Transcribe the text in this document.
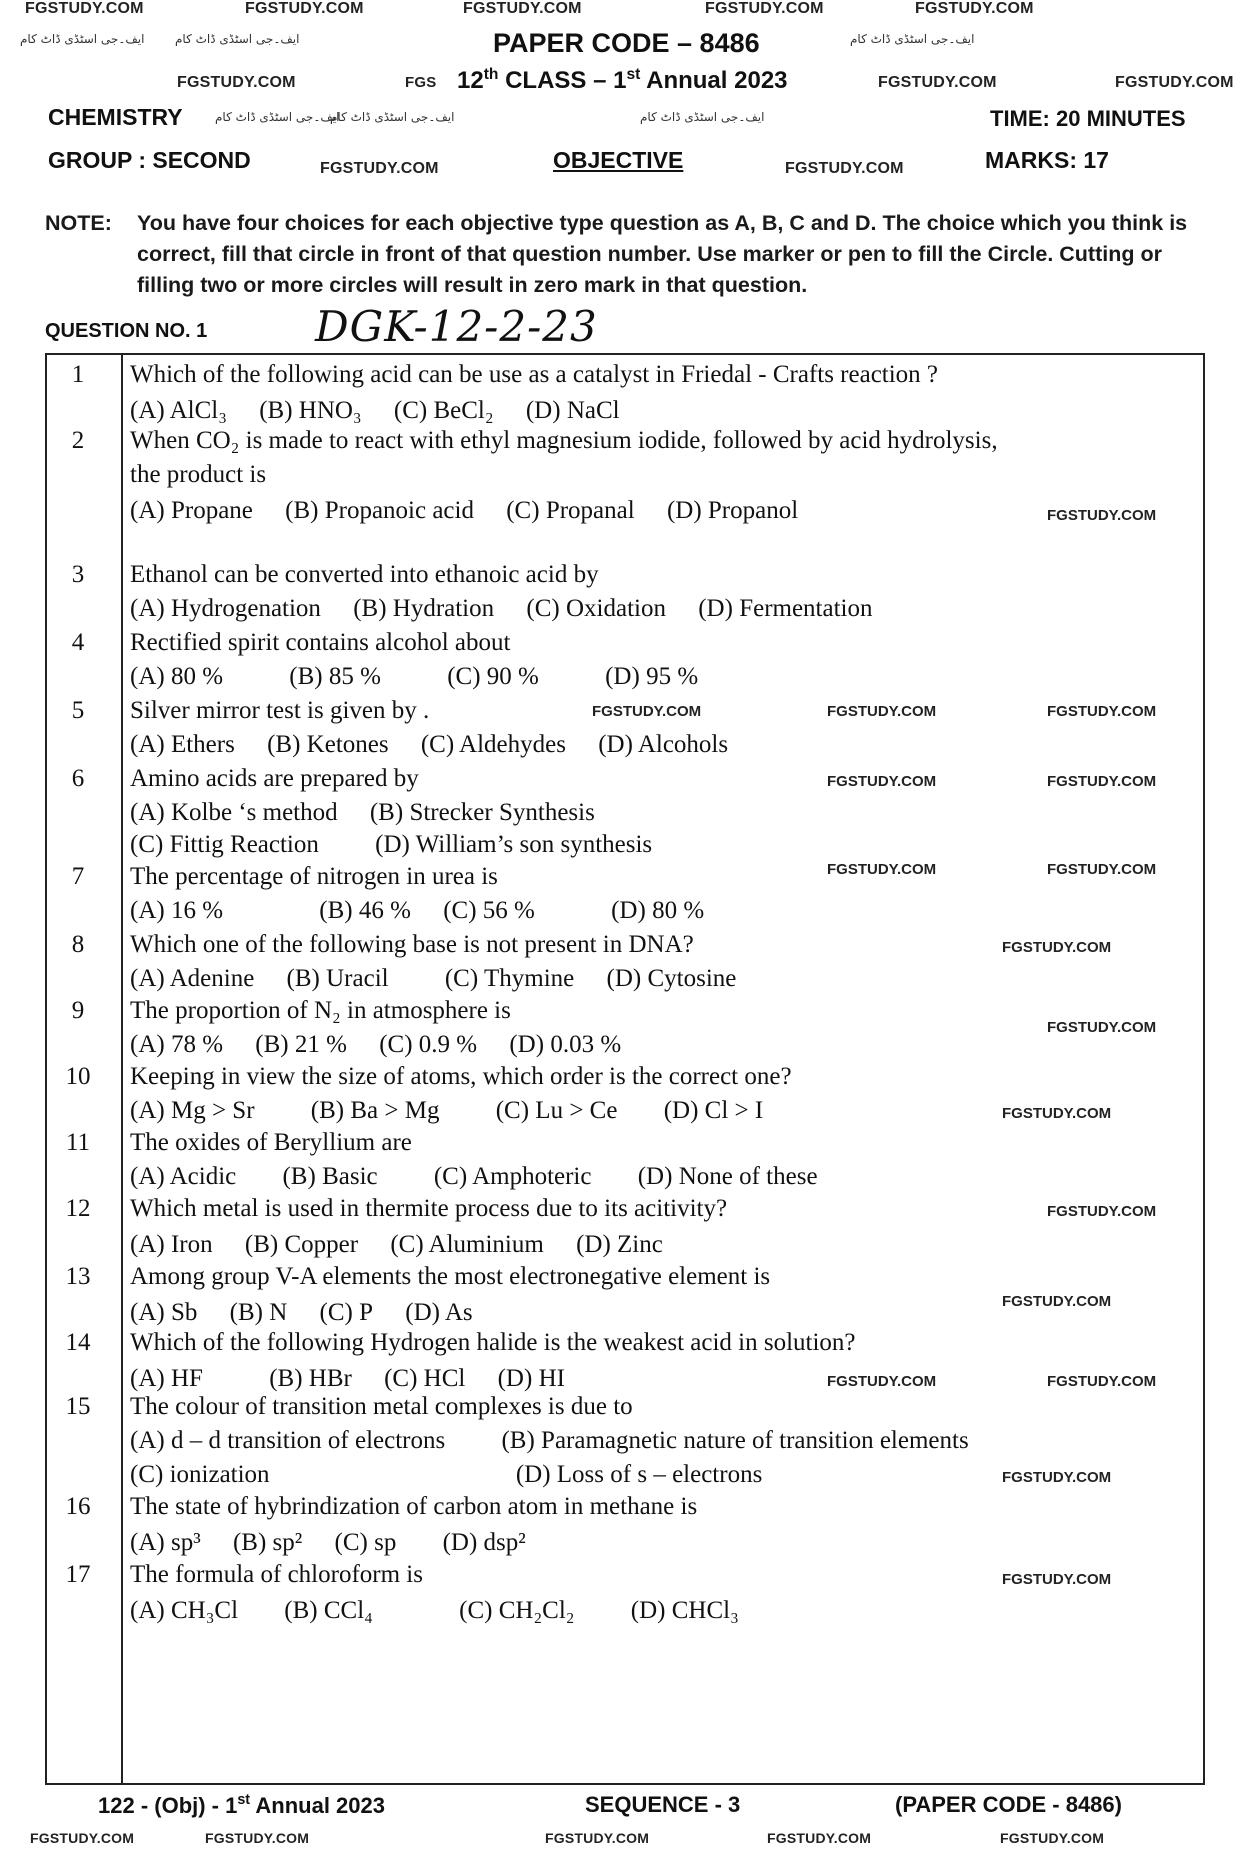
FGSTUDY.COM	FGSTUDY.COM	FGSTUDY.COM	FGSTUDY.COM	FGSTUDY.COM
ایف۔جی اسٹڈی ڈاٹ کام	ایف۔جی اسٹڈی ڈاٹ کام	ایف۔جی اسٹڈی ڈاٹ کام
PAPER CODE – 8486
FGSTUDY.COM	FGS 12th CLASS – 1st Annual 2023	FGSTUDY.COM	FGSTUDY.COM
CHEMISTRY	ایف۔جی اسٹڈی ڈاٹ کام
ایف۔جی اسٹڈی ڈاٹ کام	ایف۔جی اسٹڈی ڈاٹ کام	TIME: 20 MINUTES
GROUP : SECOND	FGSTUDY.COM	OBJECTIVE	FGSTUDY.COM	MARKS: 17
NOTE: You have four choices for each objective type question as A, B, C and D. The choice which you think is correct, fill that circle in front of that question number. Use marker or pen to fill the Circle. Cutting or filling two or more circles will result in zero mark in that question.
QUESTION NO. 1	DGK-12-2-23
1	Which of the following acid can be use as a catalyst in Friedal - Crafts reaction ?
(A) AlCl₃ (B) HNO₃ (C) BeCl₂ (D) NaCl
2	When CO₂ is made to react with ethyl magnesium iodide, followed by acid hydrolysis,
the product is
(A) Propane (B) Propanoic acid (C) Propanal (D) Propanol	FGSTUDY.COM
3	Ethanol can be converted into ethanoic acid by
(A) Hydrogenation (B) Hydration (C) Oxidation (D) Fermentation
4	Rectified spirit contains alcohol about
(A) 80 %	(B) 85 %	(C) 90 %	(D) 95 %
5	Silver mirror test is given by .	FGSTUDY.COM	FGSTUDY.COM	FGSTUDY.COM
(A) Ethers (B) Ketones (C) Aldehydes (D) Alcohols
6	Amino acids are prepared by	FGSTUDY.COM	FGSTUDY.COM
(A) Kolbe ‘s method (B) Strecker Synthesis
(C) Fittig Reaction (D) William’s son synthesis
7	The percentage of nitrogen in urea is	FGSTUDY.COM	FGSTUDY.COM
(A) 16 %	(B) 46 % (C) 56 %	(D) 80 %
8	Which one of the following base is not present in DNA?	FGSTUDY.COM
(A) Adenine (B) Uracil (C) Thymine (D) Cytosine
9	The proportion of N₂ in atmosphere is
FGSTUDY.COM
(A) 78 % (B) 21 % (C) 0.9 % (D) 0.03 %
10	Keeping in view the size of atoms, which order is the correct one?
(A) Mg > Sr (B) Ba > Mg (C) Lu > Ce (D) Cl > I	FGSTUDY.COM
11	The oxides of Beryllium are
(A) Acidic (B) Basic (C) Amphoteric (D) None of these
12	Which metal is used in thermite process due to its acitivity?	FGSTUDY.COM
(A) Iron (B) Copper (C) Aluminium (D) Zinc
13	Among group V-A elements the most electronegative element is
FGSTUDY.COM
(A) Sb (B) N (C) P (D) As
14	Which of the following Hydrogen halide is the weakest acid in solution?
(A) HF	(B) HBr (C) HCl (D) HI	FGSTUDY.COM	FGSTUDY.COM
15	The colour of transition metal complexes is due to
(A) d – d transition of electrons (B) Paramagnetic nature of transition elements
(C) ionization	(D) Loss of s – electrons	FGSTUDY.COM
16	The state of hybrindization of carbon atom in methane is
(A) sp³ (B) sp² (C) sp (D) dsp²
17	The formula of chloroform is	FGSTUDY.COM
(A) CH₃Cl (B) CCl₄	(C) CH₂Cl₂ (D) CHCl₃
122 - (Obj) - 1st Annual 2023	SEQUENCE - 3	(PAPER CODE - 8486)
FGSTUDY.COM	FGSTUDY.COM	FGSTUDY.COM	FGSTUDY.COM	FGSTUDY.COM
